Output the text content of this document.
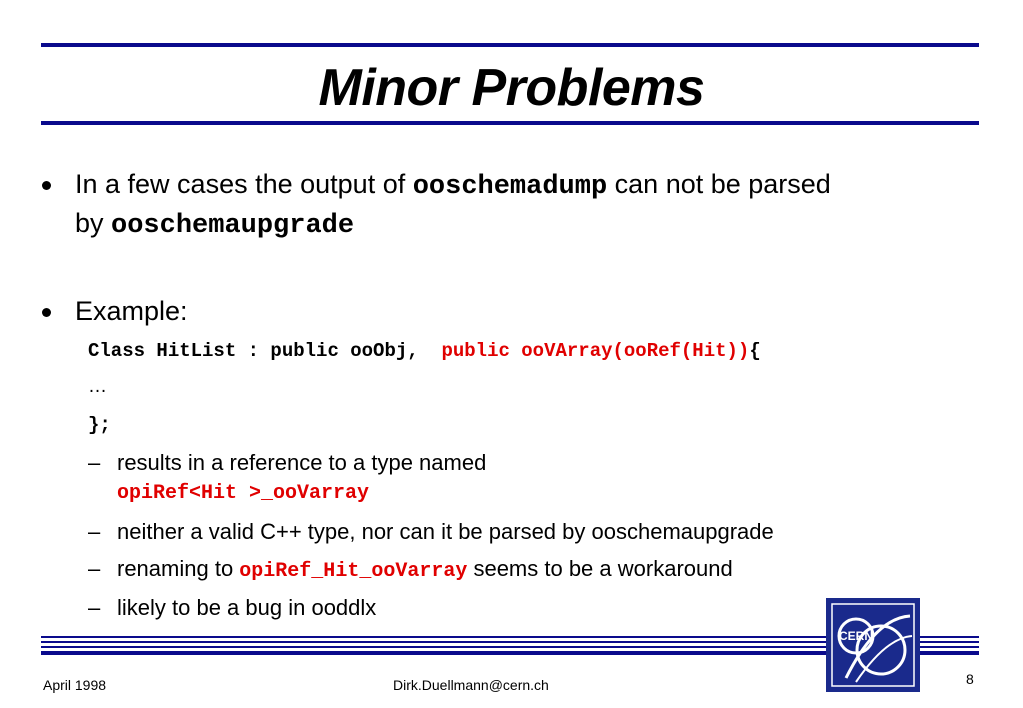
Minor Problems
In a few cases the output of ooschemadump can not be parsed
by ooschemaupgrade
Example:
Class HitList : public ooObj,  public ooVArray(ooRef(Hit)){
…
};
– results in a reference to a type named
opiRef<Hit >_ooVarray
– neither a valid C++ type, nor can it be parsed by ooschemaupgrade
– renaming to opiRef_Hit_ooVarray seems to be a workaround
– likely to be a bug in ooddlx
CERN
April 1998	Dirk.Duellmann@cern.ch	8
